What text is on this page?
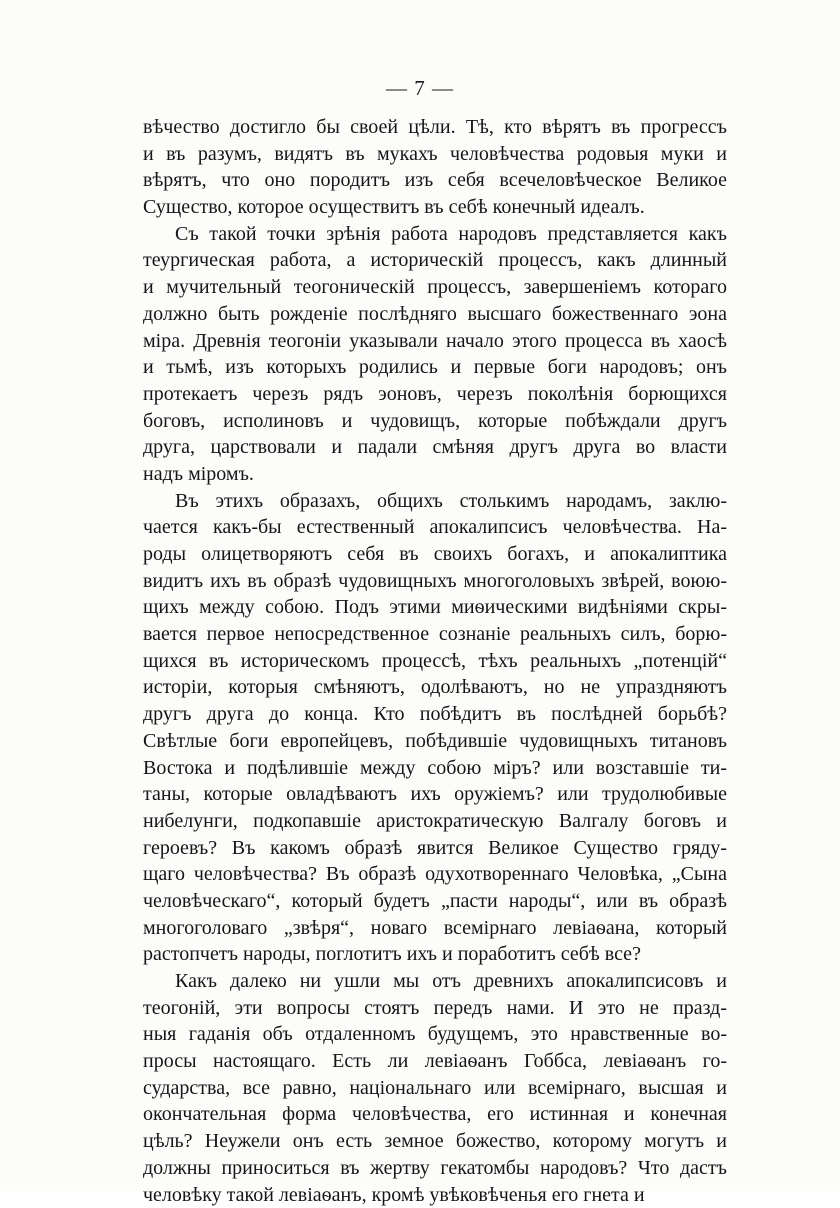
— 7 —
вѣчество достигло бы своей цѣли. Тѣ, кто вѣрятъ въ прогрессъ
и въ разумъ, видятъ въ мукахъ человѣчества родовыя муки и
вѣрятъ, что оно породитъ изъ себя всечеловѣческое Великое
Существо, которое осуществитъ въ себѣ конечный идеалъ.
Съ такой точки зрѣнія работа народовъ представляется какъ
теургическая работа, а историческій процессъ, какъ длинный
и мучительный теогоническій процессъ, завершеніемъ котораго
должно быть рожденіе послѣдняго высшаго божественнаго эона
міра. Древнія теогоніи указывали начало этого процесса въ хаосѣ
и тьмѣ, изъ которыхъ родились и первые боги народовъ; онъ
протекаетъ черезъ рядъ эоновъ, черезъ поколѣнія борющихся
боговъ, исполиновъ и чудовищъ, которые побѣждали другъ
друга, царствовали и падали смѣняя другъ друга во власти
надъ міромъ.
Въ этихъ образахъ, общихъ столькимъ народамъ, заклю-
чается какъ-бы естественный апокалипсисъ человѣчества. На-
роды олицетворяютъ себя въ своихъ богахъ, и апокалиптика
видитъ ихъ въ образѣ чудовищныхъ многоголовыхъ звѣрей, воюю-
щихъ между собою. Подъ этими миѳическими видѣніями скры-
вается первое непосредственное сознаніе реальныхъ силъ, борю-
щихся въ историческомъ процессѣ, тѣхъ реальныхъ „потенцій“
исторіи, которыя смѣняютъ, одолѣваютъ, но не упраздняютъ
другъ друга до конца. Кто побѣдитъ въ послѣдней борьбѣ?
Свѣтлые боги европейцевъ, побѣдившіе чудовищныхъ титановъ
Востока и подѣлившіе между собою міръ? или возставшіе ти-
таны, которые овладѣваютъ ихъ оружіемъ? или трудолюбивые
нибелунги, подкопавшіе аристократическую Валгалу боговъ и
героевъ? Въ какомъ образѣ явится Великое Существо гряду-
щаго человѣчества? Въ образѣ одухотвореннаго Человѣка, „Сына
человѣческаго“, который будетъ „пасти народы“, или въ образѣ
многоголоваго „звѣря“, новаго всемірнаго левіаѳана, который
растопчетъ народы, поглотитъ ихъ и поработитъ себѣ все?
Какъ далеко ни ушли мы отъ древнихъ апокалипсисовъ и
теогоній, эти вопросы стоятъ передъ нами. И это не празд-
ныя гаданія объ отдаленномъ будущемъ, это нравственные во-
просы настоящаго. Есть ли левіаѳанъ Гоббса, левіаѳанъ го-
сударства, все равно, національнаго или всемірнаго, высшая и
окончательная форма человѣчества, его истинная и конечная
цѣль? Неужели онъ есть земное божество, которому могутъ и
должны приноситься въ жертву гекатомбы народовъ? Что дастъ
человѣку такой левіаѳанъ, кромѣ увѣковѣченья его гнета и
